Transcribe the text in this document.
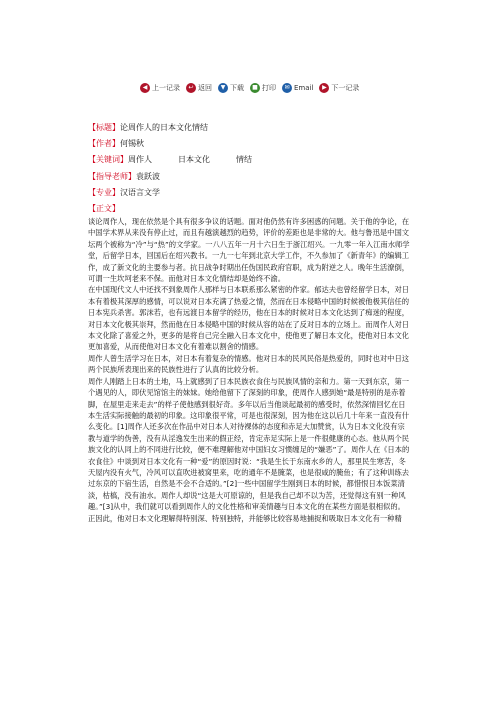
◀ 上一记录	↩ 返回	▼ 下载	■ 打印	✉ Email	▶ 下一记录
【标题】论周作人的日本文化情结
【作者】何锡秋
【关键词】周作人	日本文化	情结
【指导老师】袁跃波
【专业】汉语言文学
【正文】

谈论周作人，现在依然是个具有很多争议的话题。面对他仍然有许多困惑的问题。关于他的争论，在中国学术界从来没有停止过，而且有越演越烈的趋势，评价的差距也是非常的大。他与鲁迅是中国文坛两个被称为“冷”与“热”的文学家。一八八五年一月十六日生于浙江绍兴。一九零一年入江南水师学堂，后留学日本，回国后在绍兴教书。一九一七年到北京大学工作，不久参加了《新青年》的编辑工作，成了新文化的主要参与者。抗日战争时期出任伪国民政府官职，成为附逆之人。晚年生活潦倒，可谓一生坎坷老来不保。而他对日本文化情结却是始终不渝。

在中国现代文人中还找不到象周作人那样与日本联系那么紧密的作家。郁达夫也曾经留学日本，对日本有着极其深厚的感情，可以说对日本充满了热爱之情，然而在日本侵略中国的时候被他极其信任的日本宪兵杀害。郭沫若，也有远渡日本留学的经历，他在日本的时候对日本文化达到了痴迷的程度，对日本文化极其崇拜，然而他在日本侵略中国的时候从容的站在了反对日本的立场上。而周作人对日本文化除了喜爱之外，更多的是将自己完全融入日本文化中，使他更了解日本文化，使他对日本文化更加喜爱，从而使他对日本文化有着难以割舍的情感。

周作人曾生活学习在日本，对日本有着复杂的情感。他对日本的民风民俗是热爱的，同时也对中日这两个民族所表现出来的民族性进行了认真的比较分析。

周作人刚踏上日本的土地，马上就感到了日本民族衣食住与民族风情的亲和力。第一天到东京，第一个遇见的人，即伏见馆馆主的妹妹。她给他留下了深刻的印象，使周作人感到她“最是特别的是赤着脚，在屋里走来走去”的样子使他感到很好奇。多年以后当他谈起最初的感受时，依然深情回忆在日本生活实际接触的最初的印象。这印象很平常，可是也很深刻，因为他在这以后几十年来一直没有什么变化。[1]周作人还多次在作品中对日本人对待裸体的态度和赤足大加赞赏，认为日本文化没有宗教与道学的伪善，没有从淫逸发生出来的假正经，肯定赤足实际上是一件很健康的心态。他从两个民族文化的认同上的不同进行比较，便不难理解他对中国妇女习惯缠足的“嫌恶”了。周作人在《日本的衣食住》中谈到对日本文化有一种“爱”的原因时说：“我是生长于东南水乡的人，那里民生寒苦，冬天屋内没有火气，冷风可以直吹进被窝里来，吃的通年不是腌菜，也是很咸的腌鱼；有了这种训练去过东京的下宿生活，自然是不会不合适的。”[2]一些中国留学生刚到日本的时候，都惜恨日本饭菜清淡，枯槁，没有油水。周作人却说“这是大可原谅的，但是我自己却不以为苦，还觉得这有别一种风趣。”[3]从中，我们就可以看到周作人的文化性格和审美情趣与日本文化的在某些方面是很相似的。正因此，他对日本文化理解得特别深、特别独特，并能够比较容易地捕捉和吸取日本文化有一种精
